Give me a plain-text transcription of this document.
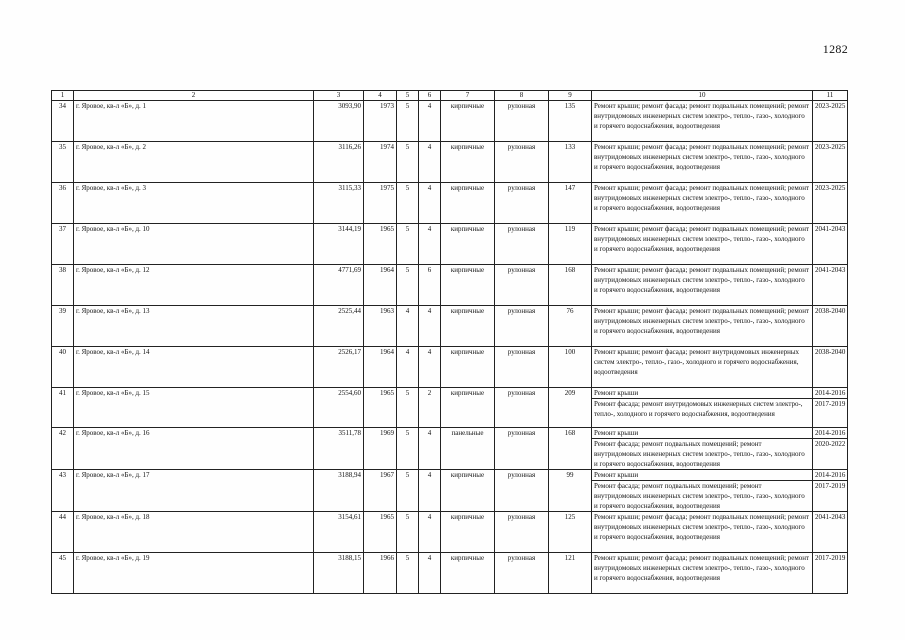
1282
1	2	3	4	5	6	7	8	9	10	11
34	г. Яровое, кв-л «Б», д. 1	3093,90	1973	5	4	кирпичные	рулонная	135	Ремонт крыши; ремонт фасада; ремонт подвальных помещений; ремонт внутридомовых инженерных систем электро-, тепло-, газо-, холодного и горячего водоснабжения, водоотведения	2023-2025
35	г. Яровое, кв-л «Б», д. 2	3116,26	1974	5	4	кирпичные	рулонная	133	Ремонт крыши; ремонт фасада; ремонт подвальных помещений; ремонт внутридомовых инженерных систем электро-, тепло-, газо-, холодного и горячего водоснабжения, водоотведения	2023-2025
36	г. Яровое, кв-л «Б», д. 3	3115,33	1975	5	4	кирпичные	рулонная	147	Ремонт крыши; ремонт фасада; ремонт подвальных помещений; ремонт внутридомовых инженерных систем электро-, тепло-, газо-, холодного и горячего водоснабжения, водоотведения	2023-2025
37	г. Яровое, кв-л «Б», д. 10	3144,19	1965	5	4	кирпичные	рулонная	119	Ремонт крыши; ремонт фасада; ремонт подвальных помещений; ремонт внутридомовых инженерных систем электро-, тепло-, газо-, холодного и горячего водоснабжения, водоотведения	2041-2043
38	г. Яровое, кв-л «Б», д. 12	4771,69	1964	5	6	кирпичные	рулонная	168	Ремонт крыши; ремонт фасада; ремонт подвальных помещений; ремонт внутридомовых инженерных систем электро-, тепло-, газо-, холодного и горячего водоснабжения, водоотведения	2041-2043
39	г. Яровое, кв-л «Б», д. 13	2525,44	1963	4	4	кирпичные	рулонная	76	Ремонт крыши; ремонт фасада; ремонт подвальных помещений; ремонт внутридомовых инженерных систем электро-, тепло-, газо-, холодного и горячего водоснабжения, водоотведения	2038-2040
40	г. Яровое, кв-л «Б», д. 14	2526,17	1964	4	4	кирпичные	рулонная	100	Ремонт крыши; ремонт фасада; ремонт внутридомовых инженерных систем электро-, тепло-, газо-, холодного и горячего водоснабжения, водоотведения	2038-2040
41	г. Яровое, кв-л «Б», д. 15	2554,60	1965	5	2	кирпичные	рулонная	209	Ремонт крыши	2014-2016
									Ремонт фасада; ремонт внутридомовых инженерных систем электро-, тепло-, холодного и горячего водоснабжения, водоотведения	2017-2019
42	г. Яровое, кв-л «Б», д. 16	3511,78	1969	5	4	панельные	рулонная	168	Ремонт крыши	2014-2016
									Ремонт фасада; ремонт подвальных помещений; ремонт внутридомовых инженерных систем электро-, тепло-, газо-, холодного и горячего водоснабжения, водоотведения	2020-2022
43	г. Яровое, кв-л «Б», д. 17	3188,94	1967	5	4	кирпичные	рулонная	99	Ремонт крыши	2014-2016
									Ремонт фасада; ремонт подвальных помещений; ремонт внутридомовых инженерных систем электро-, тепло-, газо-, холодного и горячего водоснабжения, водоотведения	2017-2019
44	г. Яровое, кв-л «Б», д. 18	3154,61	1965	5	4	кирпичные	рулонная	125	Ремонт крыши; ремонт фасада; ремонт подвальных помещений; ремонт внутридомовых инженерных систем электро-, тепло-, газо-, холодного и горячего водоснабжения, водоотведения	2041-2043
45	г. Яровое, кв-л «Б», д. 19	3188,15	1966	5	4	кирпичные	рулонная	121	Ремонт крыши; ремонт фасада; ремонт подвальных помещений; ремонт внутридомовых инженерных систем электро-, тепло-, газо-, холодного и горячего водоснабжения, водоотведения	2017-2019
